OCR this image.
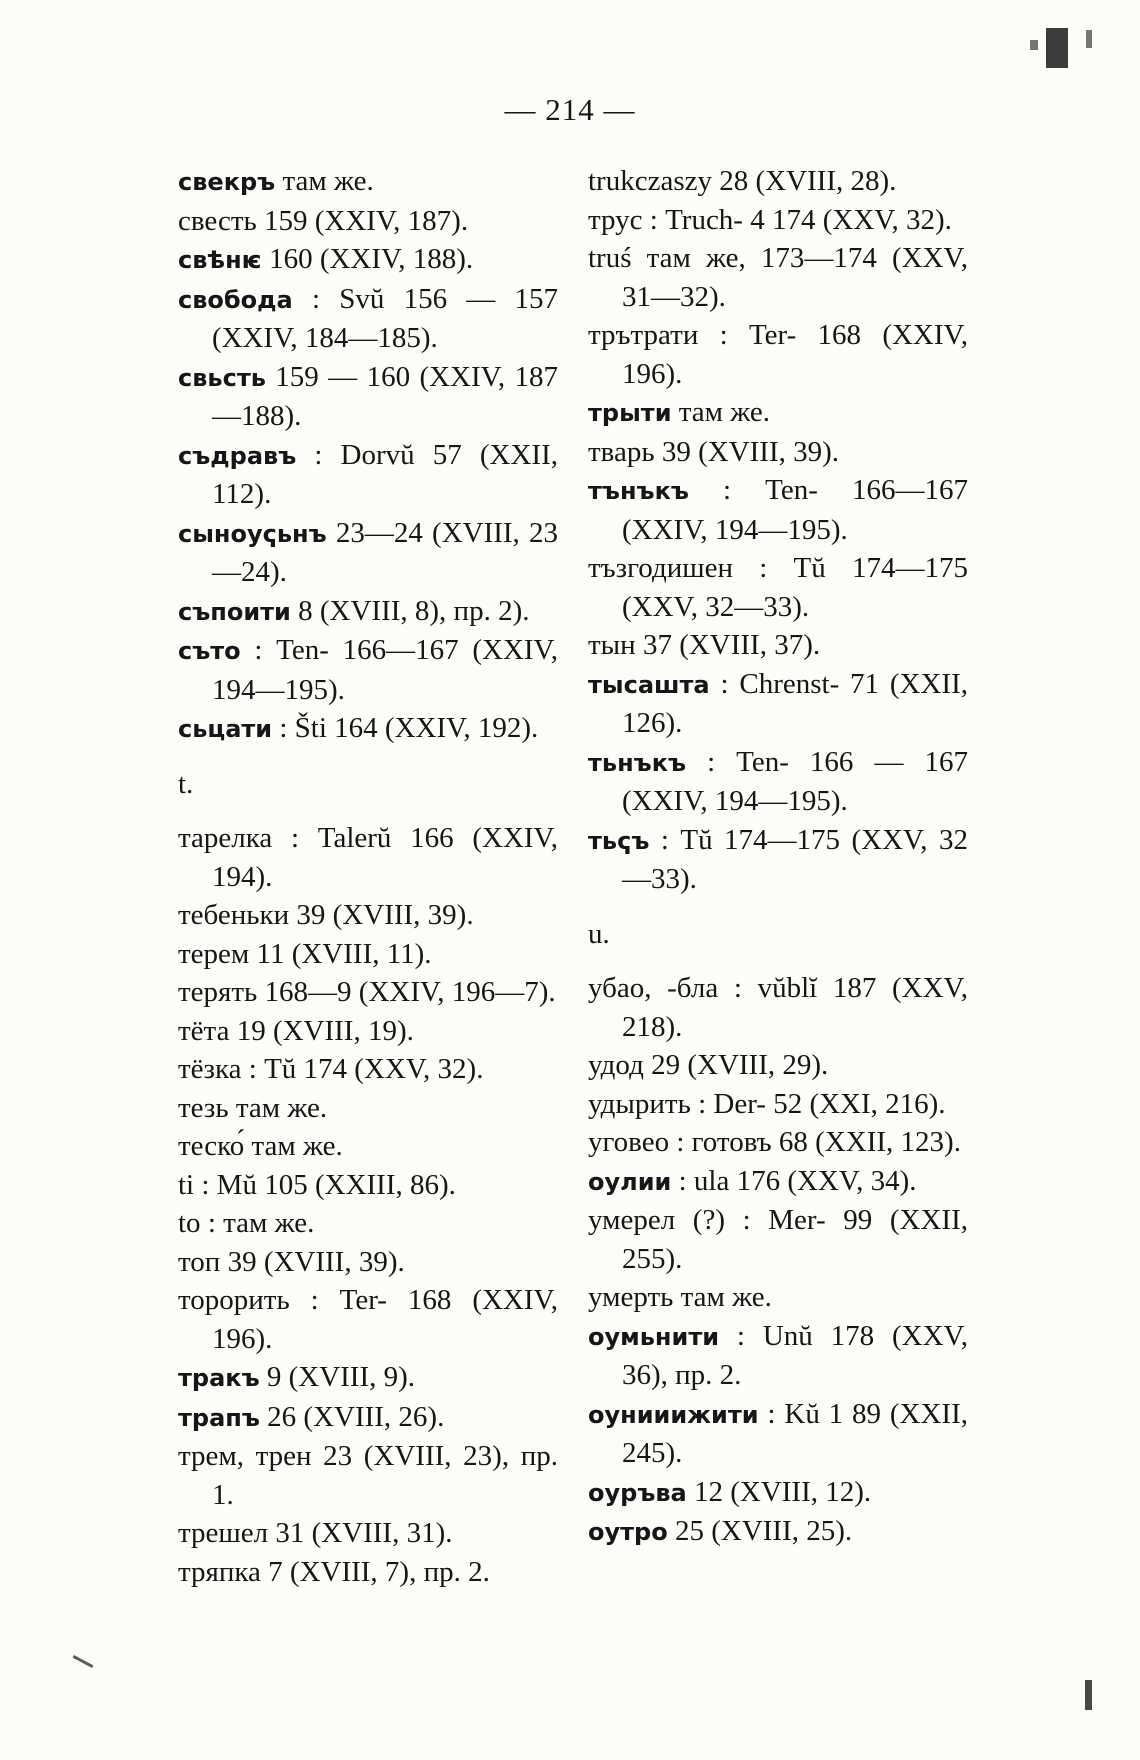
— 214 —
свекръ там же.
свесть 159 (XXIV, 187).
свѣнѥ 160 (XXIV, 188).
свобода : Svŭ 156 — 157 (XXIV, 184—185).
свьсть 159 — 160 (XXIV, 187—188).
съдравъ : Dorvŭ 57 (XXII, 112).
сыноуҁьнъ 23—24 (XVIII, 23—24).
съпоити 8 (XVIII, 8), пр. 2).
съто : Ten- 166—167 (XXIV, 194—195).
сьцати : Šti 164 (XXIV, 192).
t.
тарелка : Talerŭ 166 (XXIV, 194).
тебеньки 39 (XVIII, 39).
терем 11 (XVIII, 11).
терять 168—9 (XXIV, 196—7).
тёта 19 (XVIII, 19).
тёзка : Tŭ 174 (XXV, 32).
тезь там же.
теско́ там же.
ti : Mŭ 105 (XXIII, 86).
to : там же.
топ 39 (XVIII, 39).
торорить : Ter- 168 (XXIV, 196).
тракъ 9 (XVIII, 9).
трапъ 26 (XVIII, 26).
трем, трен 23 (XVIII, 23), пр. 1.
трешел 31 (XVIII, 31).
тряпка 7 (XVIII, 7), пр. 2.
trukczaszy 28 (XVIII, 28).
трус : Truch- 4 174 (XXV, 32).
truś там же, 173—174 (XXV, 31—32).
трътрати : Ter- 168 (XXIV, 196).
трыти там же.
тварь 39 (XVIII, 39).
тънъкъ : Ten- 166—167 (XXIV, 194—195).
тъзгодишен : Tŭ 174—175 (XXV, 32—33).
тын 37 (XVIII, 37).
тысашта : Chrenst- 71 (XXII, 126).
тьнъкъ : Ten- 166 — 167 (XXIV, 194—195).
тьҁъ : Tŭ 174—175 (XXV, 32—33).
u.
убао, -бла : vŭblĭ 187 (XXV, 218).
удод 29 (XVIII, 29).
удырить : Der- 52 (XXI, 216).
уговео : готовъ 68 (XXII, 123).
оулии : ula 176 (XXV, 34).
умерел (?) : Mer- 99 (XXII, 255).
умерть там же.
оумьнити : Unŭ 178 (XXV, 36), пр. 2.
оунииижити : Kŭ 1 89 (XXII, 245).
оуръва 12 (XVIII, 12).
оутро 25 (XVIII, 25).
